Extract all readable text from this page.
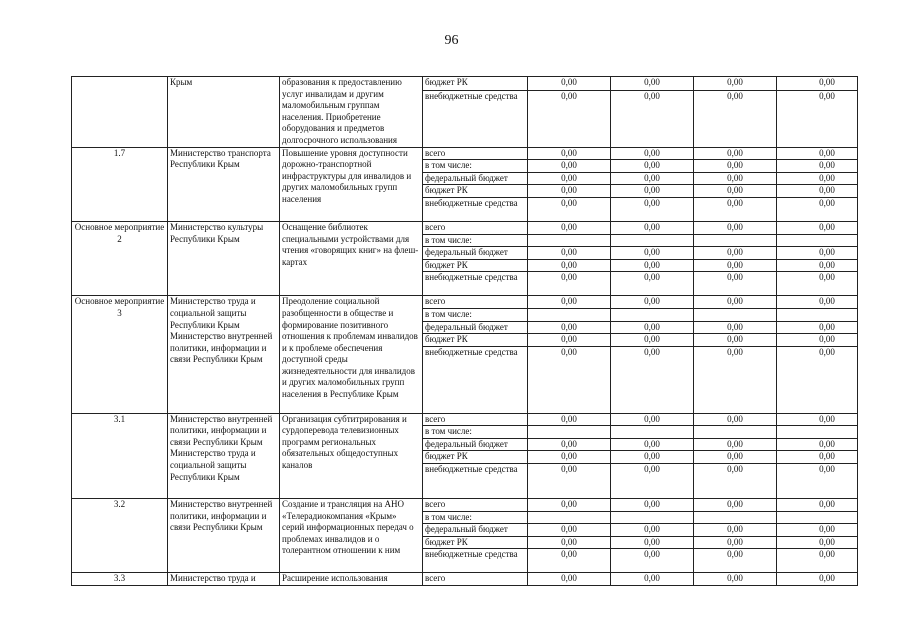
96
	Крым	образования к предоставлению услуг инвалидам и другим маломобильным группам населения. Приобретение оборудования и предметов долгосрочного использования	бюджет РК	0,00	0,00	0,00	0,00
			внебюджетные средства	0,00	0,00	0,00	0,00
1.7	Министерство транспорта Республики Крым	Повышение уровня доступности дорожно-транспортной инфраструктуры для инвалидов и других маломобильных групп населения	всего	0,00	0,00	0,00	0,00
			в том числе:	0,00	0,00	0,00	0,00
			федеральный бюджет	0,00	0,00	0,00	0,00
			бюджет РК	0,00	0,00	0,00	0,00
			внебюджетные средства	0,00	0,00	0,00	0,00
Основное мероприятие 2	Министерство культуры Республики Крым	Оснащение библиотек специальными устройствами для чтения «говорящих книг» на флеш-картах	всего	0,00	0,00	0,00	0,00
			в том числе:				
			федеральный бюджет	0,00	0,00	0,00	0,00
			бюджет РК	0,00	0,00	0,00	0,00
			внебюджетные средства	0,00	0,00	0,00	0,00
Основное мероприятие 3	Министерство труда и социальной защиты Республики Крым Министерство внутренней политики, информации и связи Республики Крым	Преодоление социальной разобщенности в обществе и формирование позитивного отношения к проблемам инвалидов и к проблеме обеспечения доступной среды жизнедеятельности для инвалидов и других маломобильных групп населения в Республике Крым	всего	0,00	0,00	0,00	0,00
			в том числе:				
			федеральный бюджет	0,00	0,00	0,00	0,00
			бюджет РК	0,00	0,00	0,00	0,00
			внебюджетные средства	0,00	0,00	0,00	0,00
3.1	Министерство внутренней политики, информации и связи Республики Крым Министерство труда и социальной защиты Республики Крым	Организация субтитрирования и сурдоперевода телевизионных программ региональных обязательных общедоступных каналов	всего	0,00	0,00	0,00	0,00
			в том числе:				
			федеральный бюджет	0,00	0,00	0,00	0,00
			бюджет РК	0,00	0,00	0,00	0,00
			внебюджетные средства	0,00	0,00	0,00	0,00
3.2	Министерство внутренней политики, информации и связи Республики Крым	Создание и трансляция на АНО «Телерадиокомпания «Крым» серий информационных передач о проблемах инвалидов и о толерантном отношении к ним	всего	0,00	0,00	0,00	0,00
			в том числе:				
			федеральный бюджет	0,00	0,00	0,00	0,00
			бюджет РК	0,00	0,00	0,00	0,00
			внебюджетные средства	0,00	0,00	0,00	0,00
3.3	Министерство труда и	Расширение использования	всего	0,00	0,00	0,00	0,00
